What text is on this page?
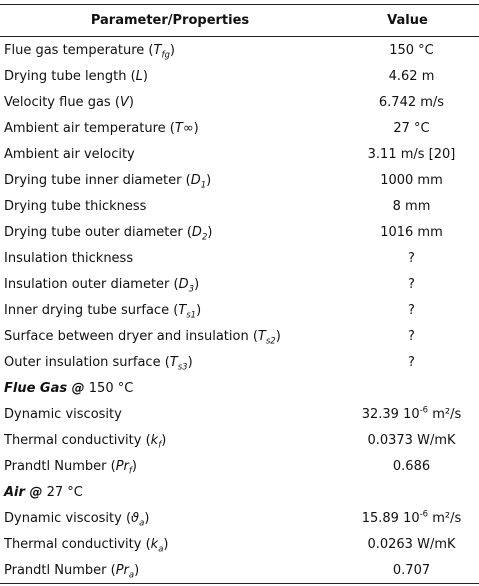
Parameter/Properties	Value
Flue gas temperature $(T_{fg})$	150 °C
Drying tube length (L)	4.62 m
Velocity flue gas (V)	6.742 m/s
Ambient air temperature (T∞)	27 °C
Ambient air velocity	3.11 m/s [20]
Drying tube inner diameter $(D_1)$	1000 mm
Drying tube thickness	8 mm
Drying tube outer diameter $(D_2)$	1016 mm
Insulation thickness	?
Insulation outer diameter $(D_3)$	?
Inner drying tube surface $(T_{s1})$	?
Surface between dryer and insulation $(T_{s2})$	?
Outer insulation surface $(T_{s3})$	?
Flue Gas @ 150 °C
Dynamic viscosity	32.39 $10^{-6}$ m²/s
Thermal conductivity $(k_f)$	0.0373 W/mK
Prandtl Number $(Pr_f)$	0.686
Air @ 27 °C
Dynamic viscosity $(ϑ_a)$	15.89 $10^{-6}$ m²/s
Thermal conductivity $(k_a)$	0.0263 W/mK
Prandtl Number $(Pr_a)$	0.707
